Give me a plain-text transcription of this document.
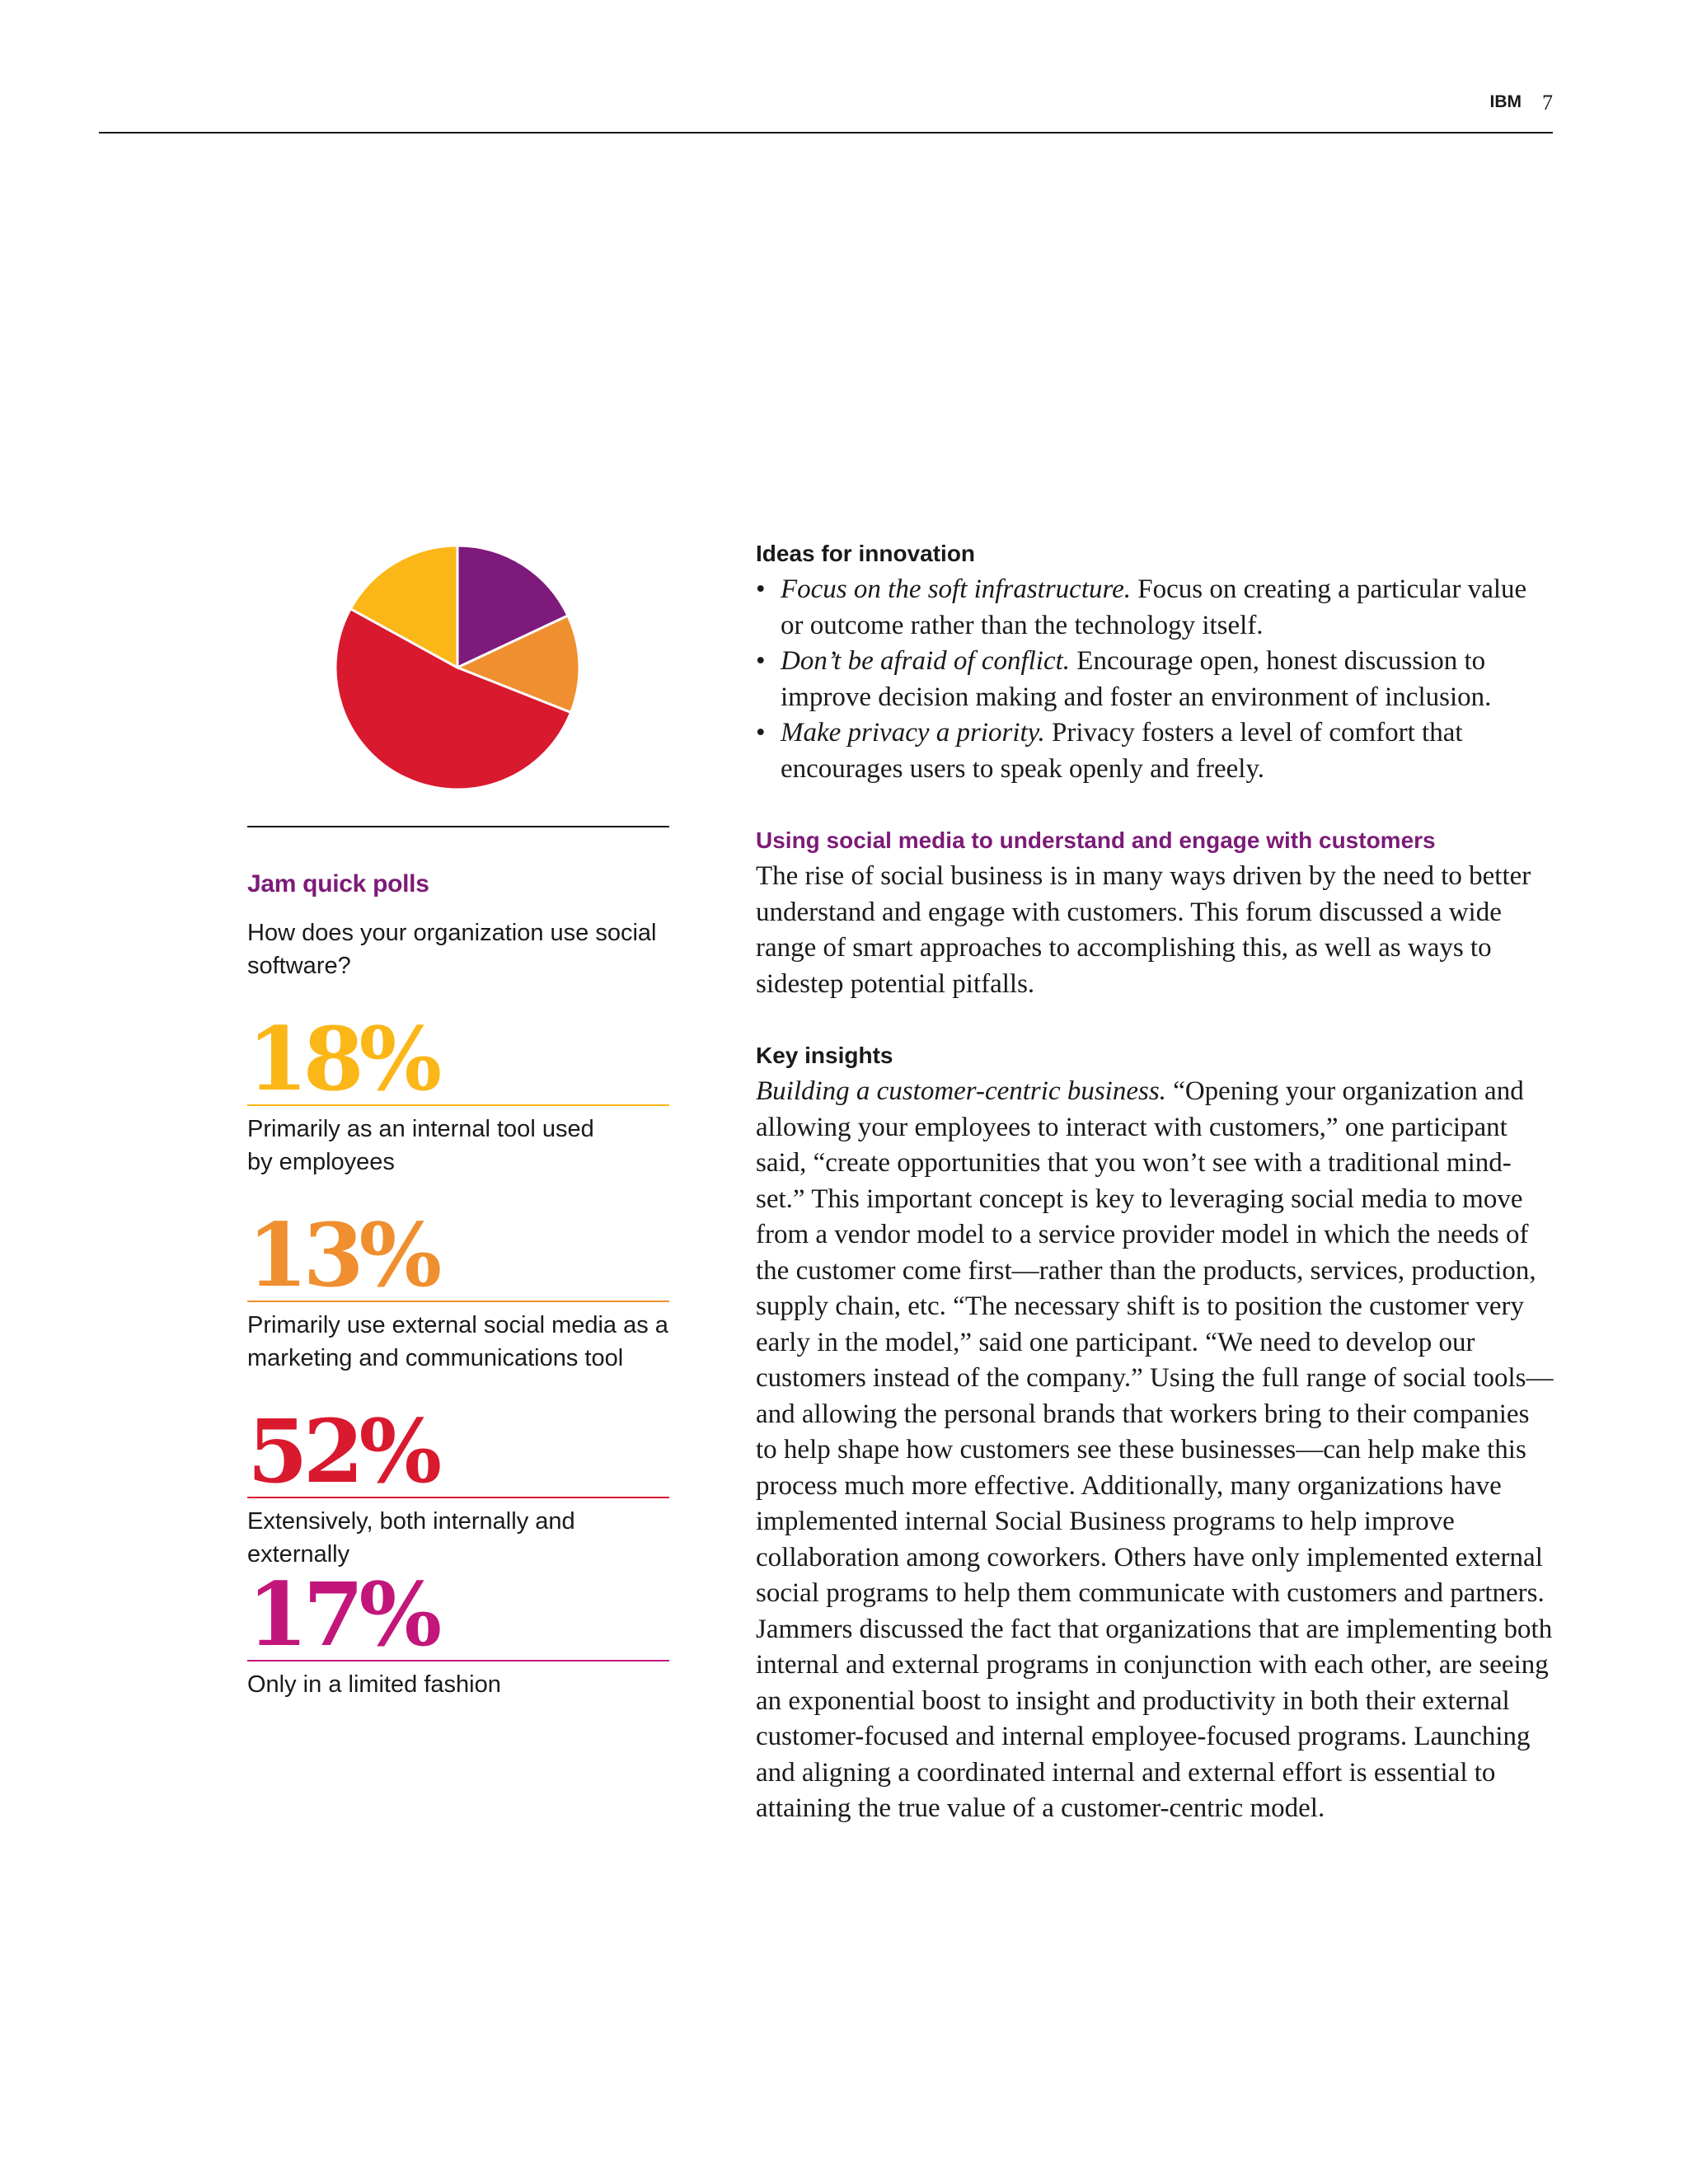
IBM 7
Jam quick polls

How does your organization use social software?

18%
Primarily as an internal tool used
by employees
13%
Primarily use external social media as a
marketing and communications tool
52%
Extensively, both internally and externally
17%
Only in a limited fashion
Ideas for innovation
• Focus on the soft infrastructure. Focus on creating a particular value or outcome rather than the technology itself.
• Don’t be afraid of conflict. Encourage open, honest discussion to improve decision making and foster an environment of inclusion.
• Make privacy a priority. Privacy fosters a level of comfort that encourages users to speak openly and freely.
Using social media to understand and engage with customers

The rise of social business is in many ways driven by the need to better understand and engage with customers. This forum discussed a wide range of smart approaches to accomplishing this, as well as ways to sidestep potential pitfalls.

Key insights

Building a customer-centric business. “Opening your organization and allowing your employees to interact with customers,” one participant said, “create opportunities that you won’t see with a traditional mind-set.” This important concept is key to leveraging social media to move from a vendor model to a service provider model in which the needs of the customer come first—rather than the products, services, production, supply chain, etc. “The necessary shift is to position the customer very early in the model,” said one participant. “We need to develop our customers instead of the company.” Using the full range of social tools—and allowing the personal brands that workers bring to their companies to help shape how customers see these businesses—can help make this process much more effective. Additionally, many organizations have implemented internal Social Business programs to help improve collaboration among coworkers. Others have only implemented external social programs to help them communicate with customers and partners. Jammers discussed the fact that organizations that are implementing both internal and external programs in conjunction with each other, are seeing an exponential boost to insight and productivity in both their external customer-focused and internal employee-focused programs. Launching and aligning a coordinated internal and external effort is essential to attaining the true value of a customer-centric model.
